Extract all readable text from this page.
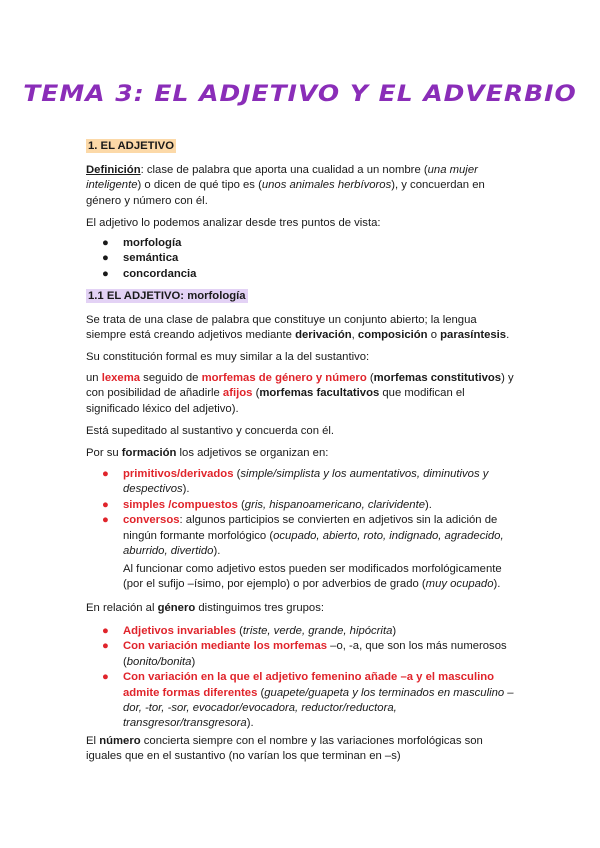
TEMA 3: EL ADJETIVO Y EL ADVERBIO
1. EL ADJETIVO

Definición: clase de palabra que aporta una cualidad a un nombre (una mujer inteligente) o dicen de qué tipo es (unos animales herbívoros), y concuerdan en género y número con él.

El adjetivo lo podemos analizar desde tres puntos de vista:

● morfología
● semántica
● concordancia
1.1 EL ADJETIVO: morfología

Se trata de una clase de palabra que constituye un conjunto abierto; la lengua siempre está creando adjetivos mediante derivación, composición o parasíntesis.

Su constitución formal es muy similar a la del sustantivo:

un lexema seguido de morfemas de género y número (morfemas constitutivos) y con posibilidad de añadirle afijos (morfemas facultativos que modifican el significado léxico del adjetivo).

Está supeditado al sustantivo y concuerda con él.

Por su formación los adjetivos se organizan en:

● primitivos/derivados (simple/simplista y los aumentativos, diminutivos y despectivos).
● simples /compuestos (gris, hispanoamericano, clarividente).
● conversos: algunos participios se convierten en adjetivos sin la adición de ningún formante morfológico (ocupado, abierto, roto, indignado, agradecido, aburrido, divertido).

Al funcionar como adjetivo estos pueden ser modificados morfológicamente (por el sufijo –ísimo, por ejemplo) o por adverbios de grado (muy ocupado).

En relación al género distinguimos tres grupos:

● Adjetivos invariables (triste, verde, grande, hipócrita)
● Con variación mediante los morfemas –o, -a, que son los más numerosos (bonito/bonita)
● Con variación en la que el adjetivo femenino añade –a y el masculino admite formas diferentes (guapete/guapeta y los terminados en masculino –dor, -tor, -sor, evocador/evocadora, reductor/reductora, transgresor/transgresora).

El número concierta siempre con el nombre y las variaciones morfológicas son iguales que en el sustantivo (no varían los que terminan en –s)
